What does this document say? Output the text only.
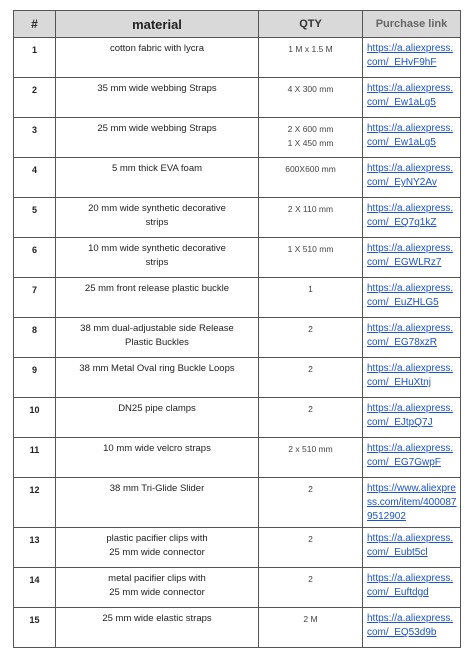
#	material	QTY	Purchase link
1	cotton fabric with lycra	1 M x 1.5 M	https://a.aliexpress.com/_EHvF9hF
2	35 mm wide webbing Straps	4 X 300 mm	https://a.aliexpress.com/_Ew1aLg5
3	25 mm wide webbing Straps	2 X 600 mm
1 X 450 mm	https://a.aliexpress.com/_Ew1aLg5
4	5 mm thick EVA foam	600X600 mm	https://a.aliexpress.com/_EyNY2Av
5	20 mm wide synthetic decorative
strips	2 X 110 mm	https://a.aliexpress.com/_EQ7q1kZ
6	10 mm wide synthetic decorative
strips	1 X 510 mm	https://a.aliexpress.com/_EGWLRz7
7	25 mm front release plastic buckle	1	https://a.aliexpress.com/_EuZHLG5
8	38 mm dual-adjustable side Release
Plastic Buckles	2	https://a.aliexpress.com/_EG78xzR
9	38 mm Metal Oval ring Buckle Loops	2	https://a.aliexpress.com/_EHuXtnj
10	DN25 pipe clamps	2	https://a.aliexpress.com/_EJtpQ7J
11	10 mm wide velcro straps	2 x 510 mm	https://a.aliexpress.com/_EG7GwpF
12	38 mm Tri-Glide Slider	2	https://www.aliexpress.com/item/4000879512902
13	plastic pacifier clips with
25 mm wide connector	2	https://a.aliexpress.com/_Eubt5cl
14	metal pacifier clips with
25 mm wide connector	2	https://a.aliexpress.com/_Euftdgd
15	25 mm wide elastic straps	2 M	https://a.aliexpress.com/_EQ53d9b
